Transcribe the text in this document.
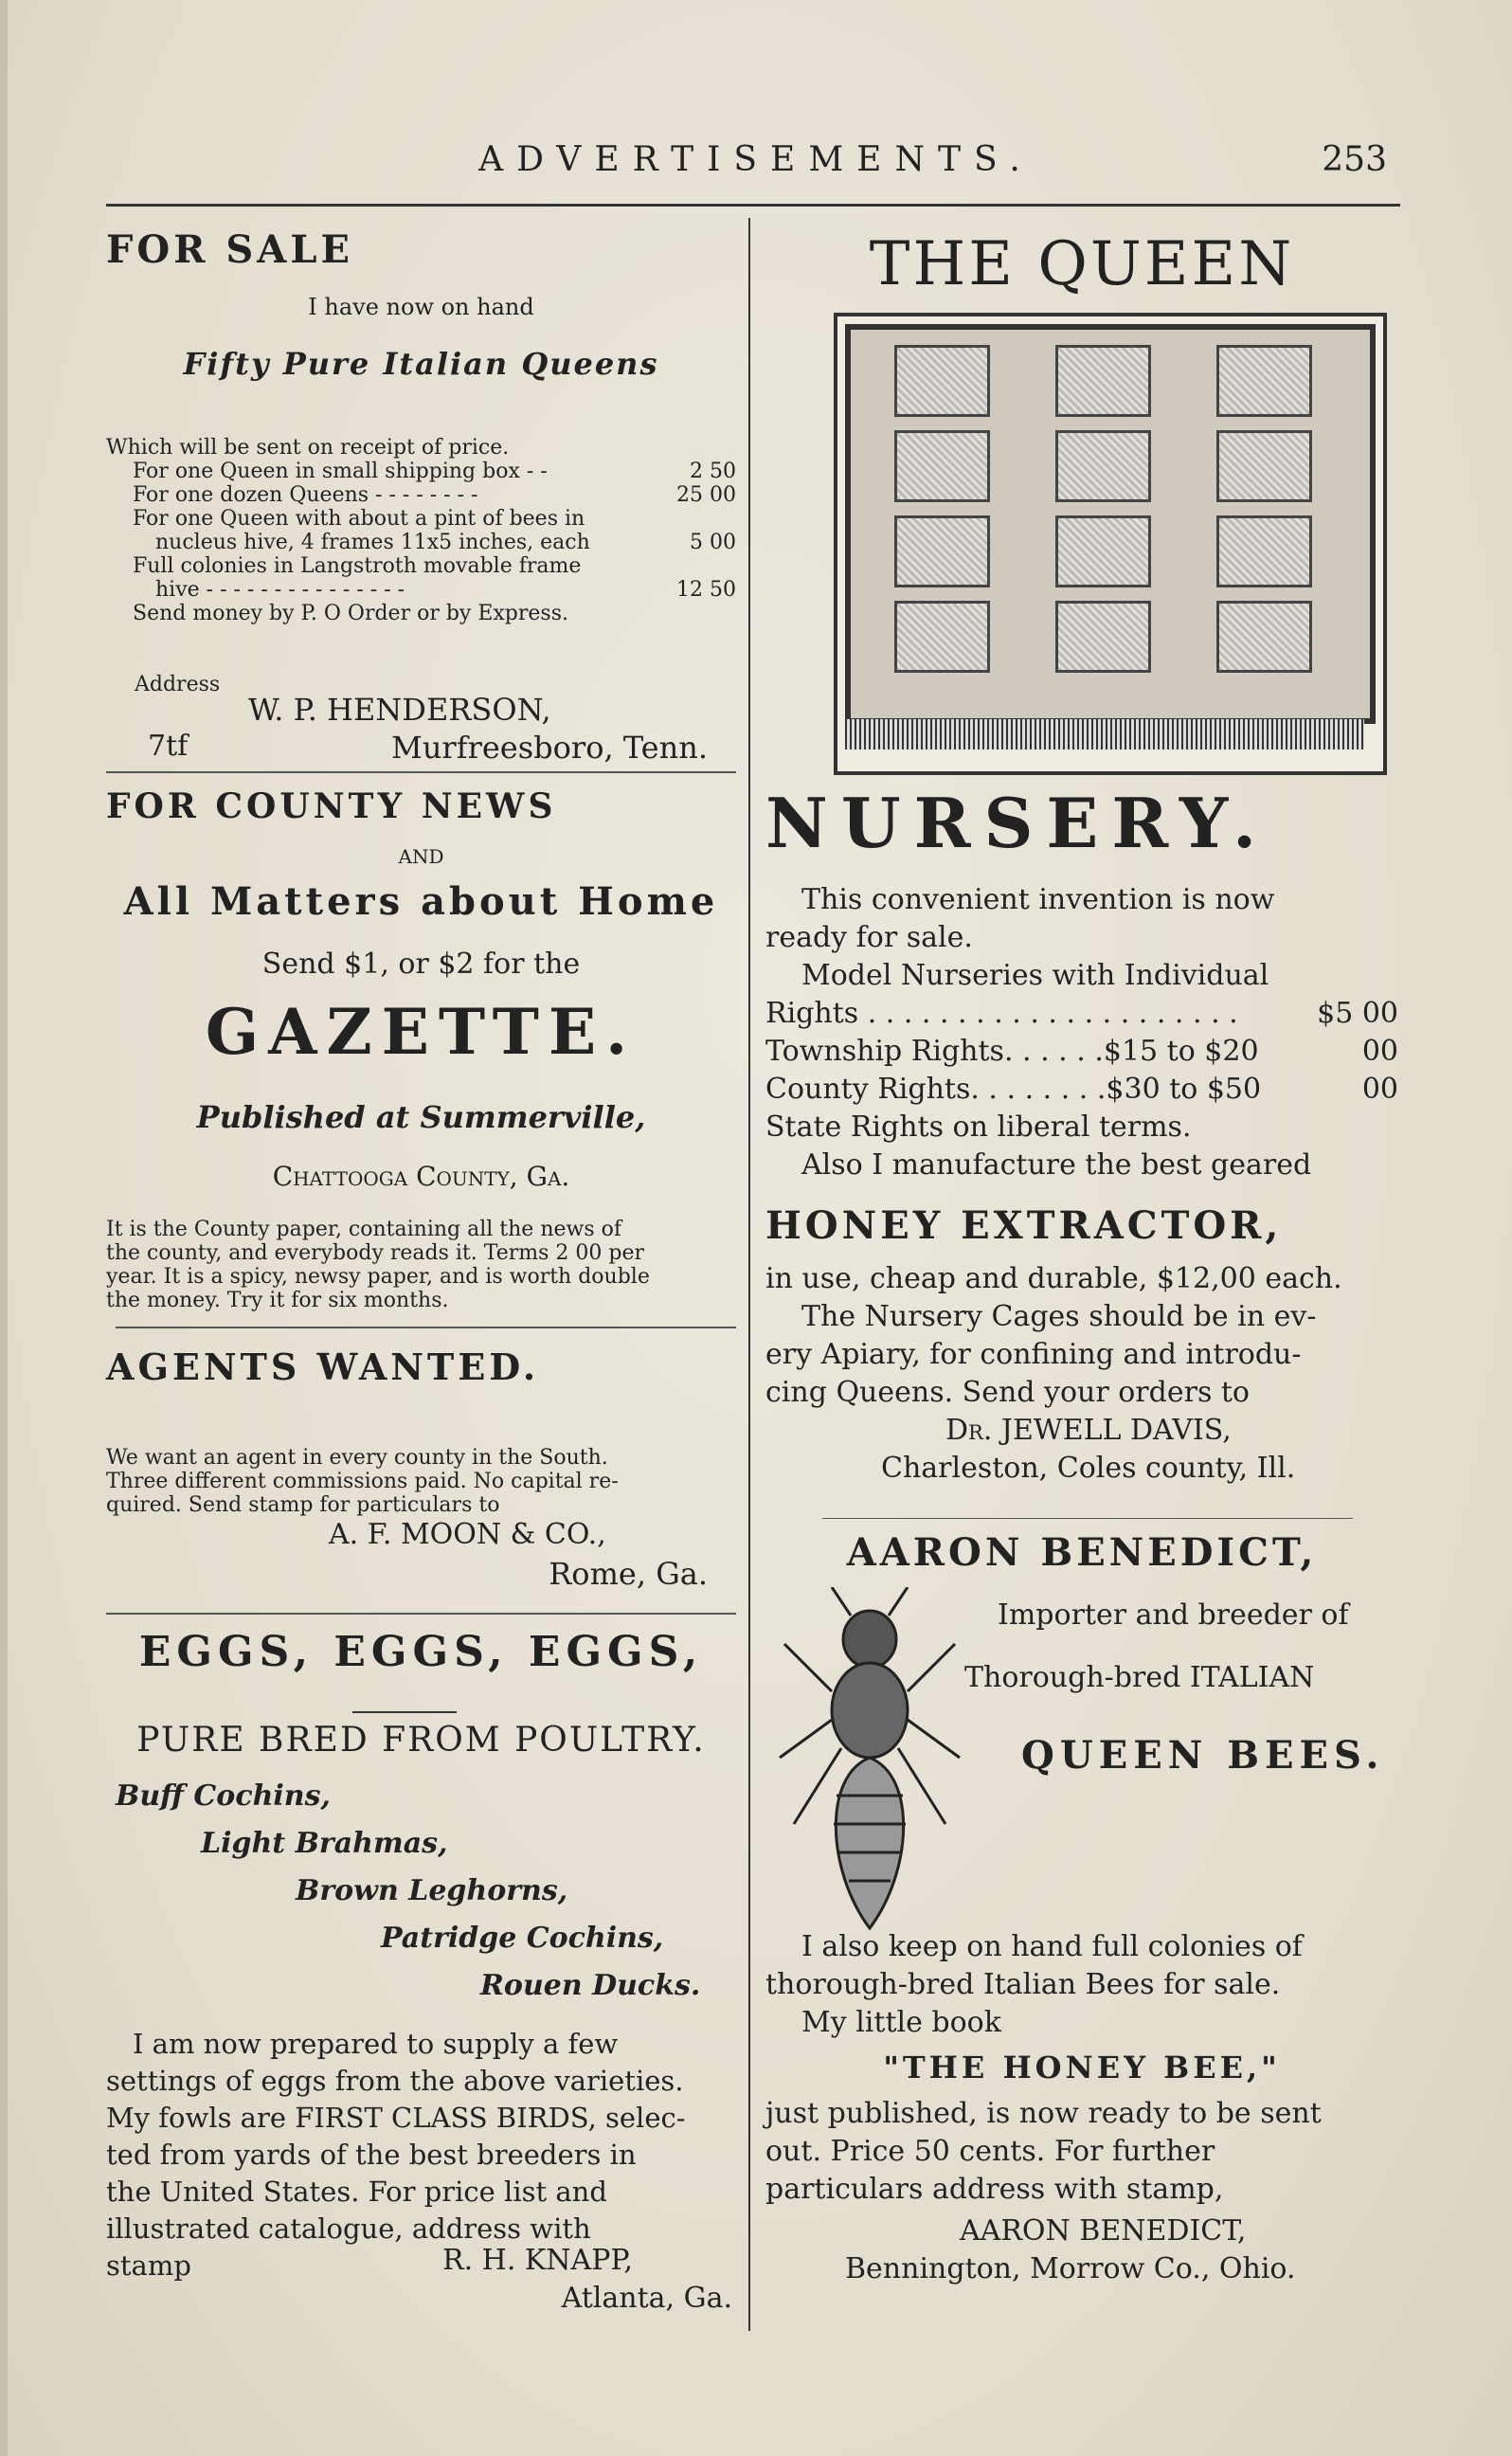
ADVERTISEMENTS.	253
FOR SALE
I have now on hand
Fifty Pure Italian Queens
Which will be sent on receipt of price.
For one Queen in small shipping box - -	2 50
For one dozen Queens - - - - - - - -	25 00
For one Queen with about a pint of bees in
nucleus hive, 4 frames 11x5 inches, each	5 00
Full colonies in Langstroth movable frame
hive - - - - - - - - - - - - - - -	12 50
Send money by P. O Order or by Express.
Address
W. P. HENDERSON,
7tf	Murfreesboro, Tenn.
FOR COUNTY NEWS
AND
All Matters about Home
Send $1, or $2 for the
GAZETTE.
Published at Summerville,
Chattooga County, Ga.
It is the County paper, containing all the news of
the county, and everybody reads it. Terms 2 00 per
year. It is a spicy, newsy paper, and is worth double
the money. Try it for six months.
AGENTS WANTED.
We want an agent in every county in the South.
Three different commissions paid. No capital re-
quired. Send stamp for particulars to
A. F. MOON & CO.,
Rome, Ga.
EGGS, EGGS, EGGS,
PURE BRED FROM POULTRY.
Buff Cochins,
Light Brahmas,
Brown Leghorns,
Patridge Cochins,
Rouen Ducks.
I am now prepared to supply a few
settings of eggs from the above varieties.
My fowls are FIRST CLASS BIRDS, selec-
ted from yards of the best breeders in
the United States. For price list and
illustrated catalogue, address with
stamp	R. H. KNAPP,
Atlanta, Ga.
THE QUEEN
NURSERY.
This convenient invention is now
ready for sale.
Model Nurseries with Individual
Rights . . . . . . . . . . . . . . . . . . . . .	$5 00
Township Rights. . . . . .$15 to $20	00
County Rights. . . . . . . .$30 to $50	00
State Rights on liberal terms.
Also I manufacture the best geared
HONEY EXTRACTOR,
in use, cheap and durable, $12,00 each.
The Nursery Cages should be in ev-
ery Apiary, for confining and introdu-
cing Queens. Send your orders to
Dr. JEWELL DAVIS,
Charleston, Coles county, Ill.
AARON BENEDICT,
Importer and breeder of
Thorough-bred ITALIAN
QUEEN BEES.
I also keep on hand full colonies of
thorough-bred Italian Bees for sale.
My little book
"THE HONEY BEE,"
just published, is now ready to be sent
out. Price 50 cents. For further
particulars address with stamp,
AARON BENEDICT,
Bennington, Morrow Co., Ohio.
